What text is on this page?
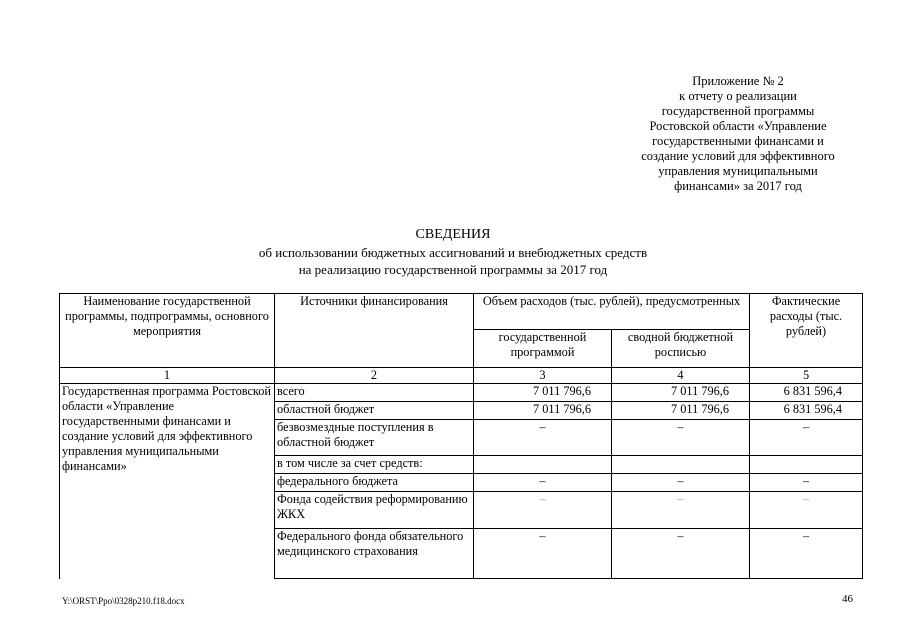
Приложение № 2
к отчету о реализации
государственной программы
Ростовской области «Управление
государственными финансами и
создание условий для эффективного
управления муниципальными
финансами» за 2017 год
СВЕДЕНИЯ
об использовании бюджетных ассигнований и внебюджетных средств
на реализацию государственной программы за 2017 год
Наименование государственной программы, подпрограммы, основного мероприятия	Источники финансирования	Объем расходов (тыс. рублей), предусмотренных		Фактические расходы (тыс. рублей)
		государственной программой	сводной бюджетной росписью	
1	2	3	4	5
Государственная программа Ростовской области «Управление государственными финансами и создание условий для эффективного управления муниципальными финансами»	всего	7 011 796,6	7 011 796,6	6 831 596,4
	областной бюджет	7 011 796,6	7 011 796,6	6 831 596,4
	безвозмездные поступления в областной бюджет	–	–	–
	в том числе за счет средств:			
	федерального бюджета	–	–	–
	Фонда содействия реформированию ЖКХ	–	–	–
	Федерального фонда обязательного медицинского страхования	–	–	–
Y:\ORST\Ppo\0328p210.f18.docx	46
